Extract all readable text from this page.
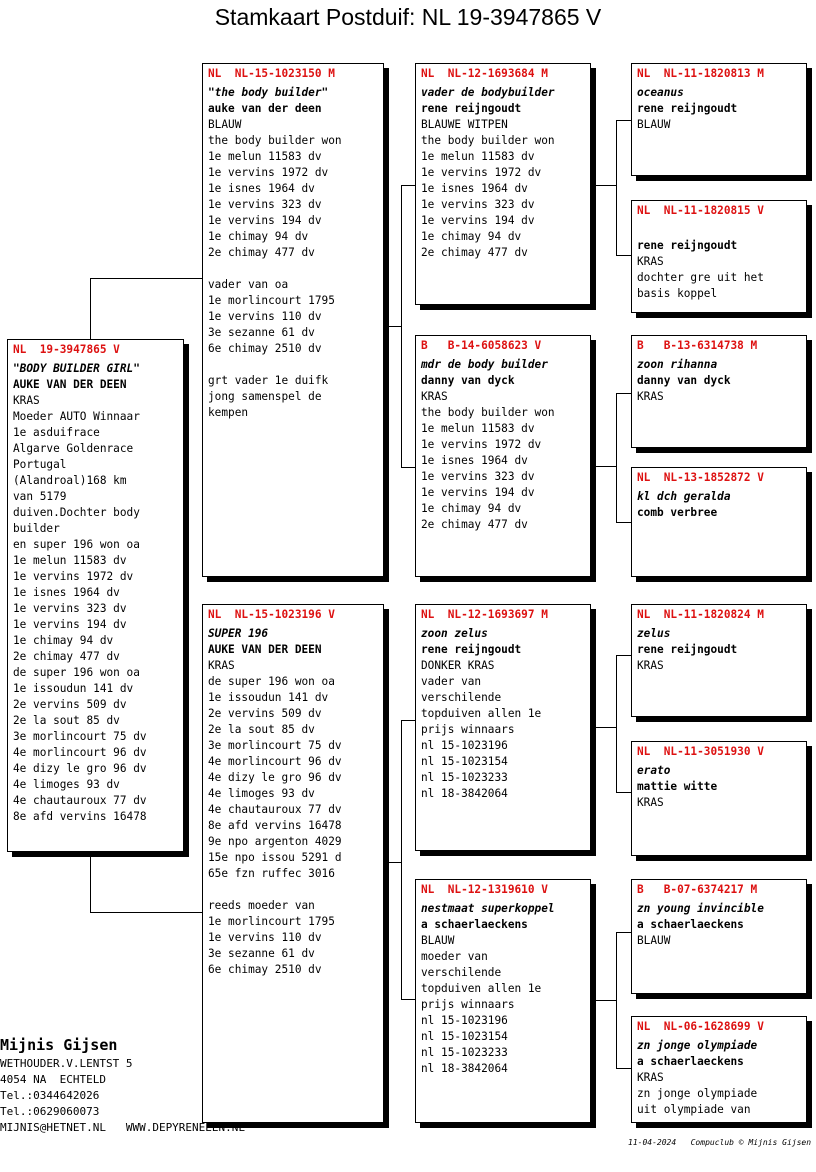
Stamkaart Postduif: NL 19-3947865 V
NL  19-3947865 V
"BODY BUILDER GIRL"
AUKE VAN DER DEEN
KRAS
Moeder AUTO Winnaar
1e asduifrace
Algarve Goldenrace
Portugal
(Alandroal)168 km
van 5179
duiven.Dochter body
builder
en super 196 won oa
1e melun 11583 dv
1e vervins 1972 dv
1e isnes 1964 dv
1e vervins 323 dv
1e vervins 194 dv
1e chimay 94 dv
2e chimay 477 dv
de super 196 won oa
1e issoudun 141 dv
2e vervins 509 dv
2e la sout 85 dv
3e morlincourt 75 dv
4e morlincourt 96 dv
4e dizy le gro 96 dv
4e limoges 93 dv
4e chautauroux 77 dv
8e afd vervins 16478
NL  NL-15-1023150 M
"the body builder"
auke van der deen
BLAUW
the body builder won
1e melun 11583 dv
1e vervins 1972 dv
1e isnes 1964 dv
1e vervins 323 dv
1e vervins 194 dv
1e chimay 94 dv
2e chimay 477 dv
vader van oa
1e morlincourt 1795
1e vervins 110 dv
3e sezanne 61 dv
6e chimay 2510 dv
grt vader 1e duifk
jong samenspel de
kempen
NL  NL-15-1023196 V
SUPER 196
AUKE VAN DER DEEN
KRAS
de super 196 won oa
1e issoudun 141 dv
2e vervins 509 dv
2e la sout 85 dv
3e morlincourt 75 dv
4e morlincourt 96 dv
4e dizy le gro 96 dv
4e limoges 93 dv
4e chautauroux 77 dv
8e afd vervins 16478
9e npo argenton 4029
15e npo issou 5291 d
65e fzn ruffec 3016
reeds moeder van
1e morlincourt 1795
1e vervins 110 dv
3e sezanne 61 dv
6e chimay 2510 dv
NL  NL-12-1693684 M
vader de bodybuilder
rene reijngoudt
BLAUWE WITPEN
the body builder won
1e melun 11583 dv
1e vervins 1972 dv
1e isnes 1964 dv
1e vervins 323 dv
1e vervins 194 dv
1e chimay 94 dv
2e chimay 477 dv
B   B-14-6058623 V
mdr de body builder
danny van dyck
KRAS
the body builder won
1e melun 11583 dv
1e vervins 1972 dv
1e isnes 1964 dv
1e vervins 323 dv
1e vervins 194 dv
1e chimay 94 dv
2e chimay 477 dv
NL  NL-12-1693697 M
zoon zelus
rene reijngoudt
DONKER KRAS
vader van
verschilende
topduiven allen 1e
prijs winnaars
nl 15-1023196
nl 15-1023154
nl 15-1023233
nl 18-3842064
NL  NL-12-1319610 V
nestmaat superkoppel
a schaerlaeckens
BLAUW
moeder van
verschilende
topduiven allen 1e
prijs winnaars
nl 15-1023196
nl 15-1023154
nl 15-1023233
nl 18-3842064
NL  NL-11-1820813 M
oceanus
rene reijngoudt
BLAUW
NL  NL-11-1820815 V
rene reijngoudt
KRAS
dochter gre uit het
basis koppel
B   B-13-6314738 M
zoon rihanna
danny van dyck
KRAS
NL  NL-13-1852872 V
kl dch geralda
comb verbree
NL  NL-11-1820824 M
zelus
rene reijngoudt
KRAS
NL  NL-11-3051930 V
erato
mattie witte
KRAS
B   B-07-6374217 M
zn young invincible
a schaerlaeckens
BLAUW
NL  NL-06-1628699 V
zn jonge olympiade
a schaerlaeckens
KRAS
zn jonge olympiade
uit olympiade van
Mijnis Gijsen
WETHOUDER.V.LENTST 5
4054 NA  ECHTELD
Tel.:0344642026
Tel.:0629060073
MIJNIS@HETNET.NL   WWW.DEPYRENEEEN.NL
11-04-2024   Compuclub © Mijnis Gijsen
